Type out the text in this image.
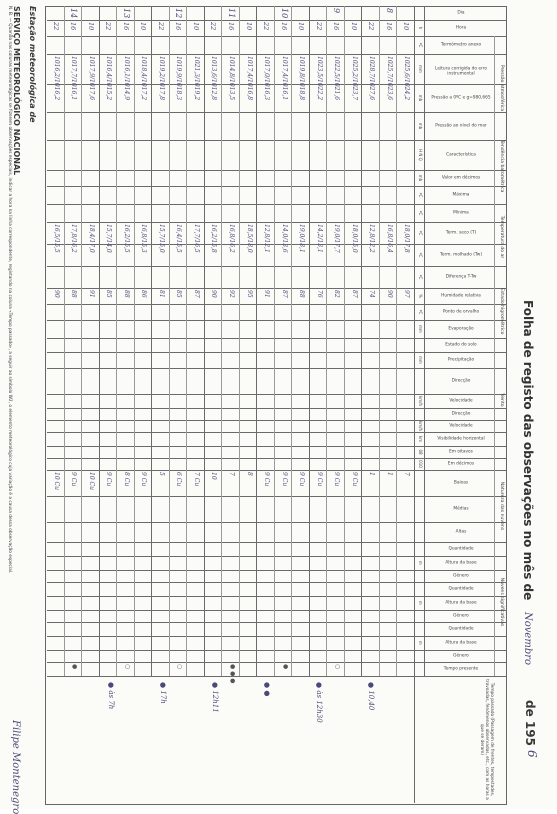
SERVIÇO METEOROLÓGICO NACIONAL Estação meteorológica de
Folha de registo das observações no mês de
N. B. — Quando nas colunas meteorológicas se fizerem observações especiais, indicar a hora na linha correspondente, registando na coluna «Tempo passado», a seguir ao símbolo W2, o elemento meteorológico cuja variação é a causa dessa observação especial.
Filipe Montenegro
Novembro
de 195
6
Dia
Hora
Termómetro anexo
Leitura corrigida do erro instrumental
Pressão a 0ºC e g=980,665
Pressão ao nível do mar
Característica
Valor em décimos
Máxima
Mínima
Term. seco (T)
Term. molhado (Tw)
Diferença T-Tw
Humidade relativa
Ponto de orvalho
Evaporação
Estado do solo
Precipitação
Direcção
Velocidade
Direcção
Velocidade
Visibilidade horizontal
Em oitavos
Em décimos
Baixas
Médias
Altas
Quantidade
Altura da base
Género
Quantidade
Altura da base
Género
Quantidade
Altura da base
Género
Tempo presente
Tempo passado (Passagem de frentes, tempestades, trovoadas, fenómenos observados, etc., com as horas a que se deram)
Pressão atmosférica
Tendência barométrica
Temperatura do ar
Estado higrométrico
Vento
Natureza das nuvens
Nuvens significativas
h
ºC
mm
mb
mb
H N Q
mb
ºC
ºC
ºC
ºC
ºC
%
ºC
mm
mm
km/h
km/h
km
08
010
m
m
m
10
1025,6/1024,2
18,0/17,8
97
7
16
1025,7/1023,6
16,8/16,4
90
1
22
1028,7/1027,6
12,8/12,2
74
1
8
10
1025,2/1023,7
18,0/15,0
87
9 Cu
16
1022,5/1021,6
19,0/17,7
82
9 Cu
22
1023,5/1022,2
14,2/13,1
76
9 Cu
9
○
10
1019,8/1018,8
19,0/18,1
88
9 Cu
16
1017,4/1016,1
14,0/13,6
87
9 Cu
22
1017,0/1016,3
12,8/12,1
91
9 Cu
10
●
10
1017,4/1016,8
18,5/18,0
95
8
16
1014,8/1013,5
16,8/16,2
92
7
22
1013,6/1012,8
16,2/15,8
90
10
11
● ● ●
10
1021,3/1019,2
17,7/16,5
87
7 Cu
16
1019,9/1018,3
16,4/15,5
85
6 Cu
22
1019,2/1017,8
15,7/15,0
81
5
12
○
10
1018,4/1017,2
16,8/15,3
86
9 Cu
16
1016,1/1014,9
16,2/15,5
88
8 Cu
22
1016,4/1015,2
15,7/14,0
85
9 Cu
13
○
10
1017,9/1017,6
18,4/17,0
91
10 Cu
16
1017,7/1016,1
17,8/16,2
88
9 Cu
22
1016,2/1016,2
16,5/15,5
90
10 Cu
14
●
● 10,40
● às 12h30
● ●
● 12h11
● 17h
● às 7h
